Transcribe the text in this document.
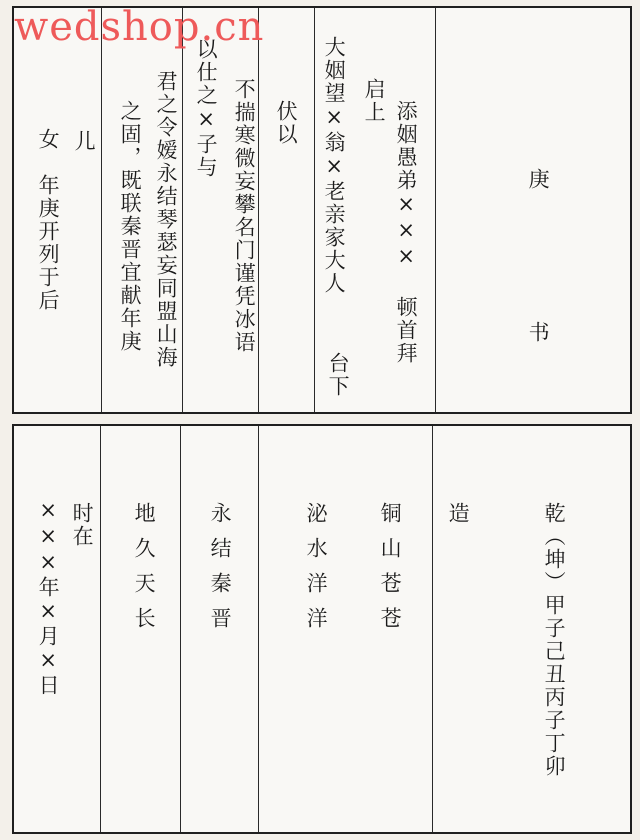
wedshop.cn
庚　　书
添姻愚弟××× 顿首拜
启上
大姻望×翁×老亲家大人
台下
伏以
不揣寒微妄攀名门谨凭冰语
以仕之×子与
君之令嫒永结琴瑟妄同盟山海
之固，既联秦晋宜献年庚
儿
女　年庚开列于后
乾（坤）甲子己丑丙子丁卯
造
铜山苍苍
泌水洋洋
永结秦晋
地久天长
时在
×××年×月×日
